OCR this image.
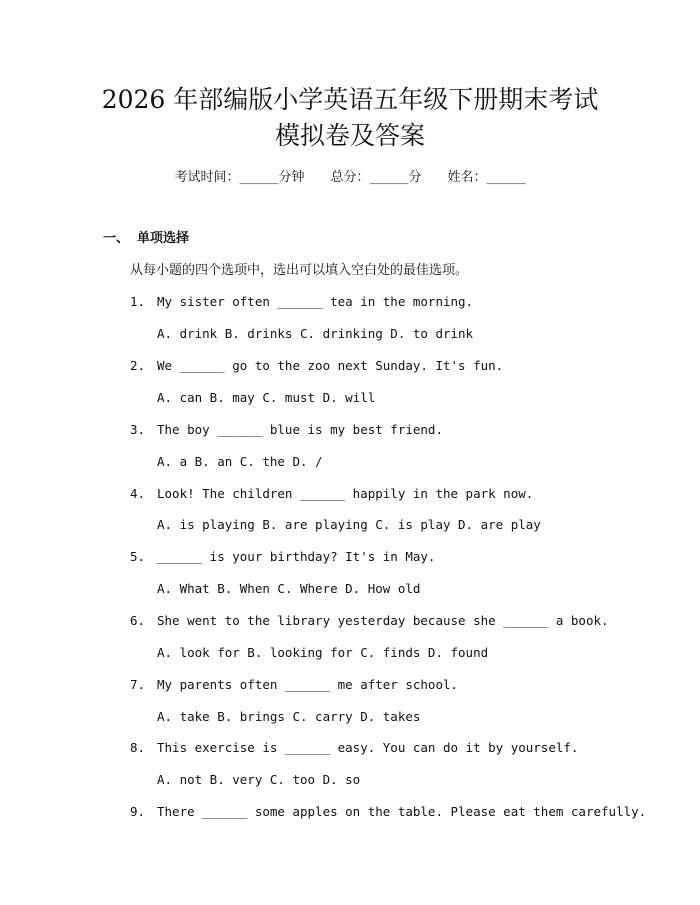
2026 年部编版小学英语五年级下册期末考试
模拟卷及答案
考试时间：______分钟 总分：______分 姓名：______
一、 单项选择
从每小题的四个选项中，选出可以填入空白处的最佳选项。
1. My sister often ______ tea in the morning.
A. drink B. drinks C. drinking D. to drink
2. We ______ go to the zoo next Sunday. It's fun.
A. can B. may C. must D. will
3. The boy ______ blue is my best friend.
A. a B. an C. the D. /
4. Look! The children ______ happily in the park now.
A. is playing B. are playing C. is play D. are play
5. ______ is your birthday? It's in May.
A. What B. When C. Where D. How old
6. She went to the library yesterday because she ______ a book.
A. look for B. looking for C. finds D. found
7. My parents often ______ me after school.
A. take B. brings C. carry D. takes
8. This exercise is ______ easy. You can do it by yourself.
A. not B. very C. too D. so
9. There ______ some apples on the table. Please eat them carefully.
